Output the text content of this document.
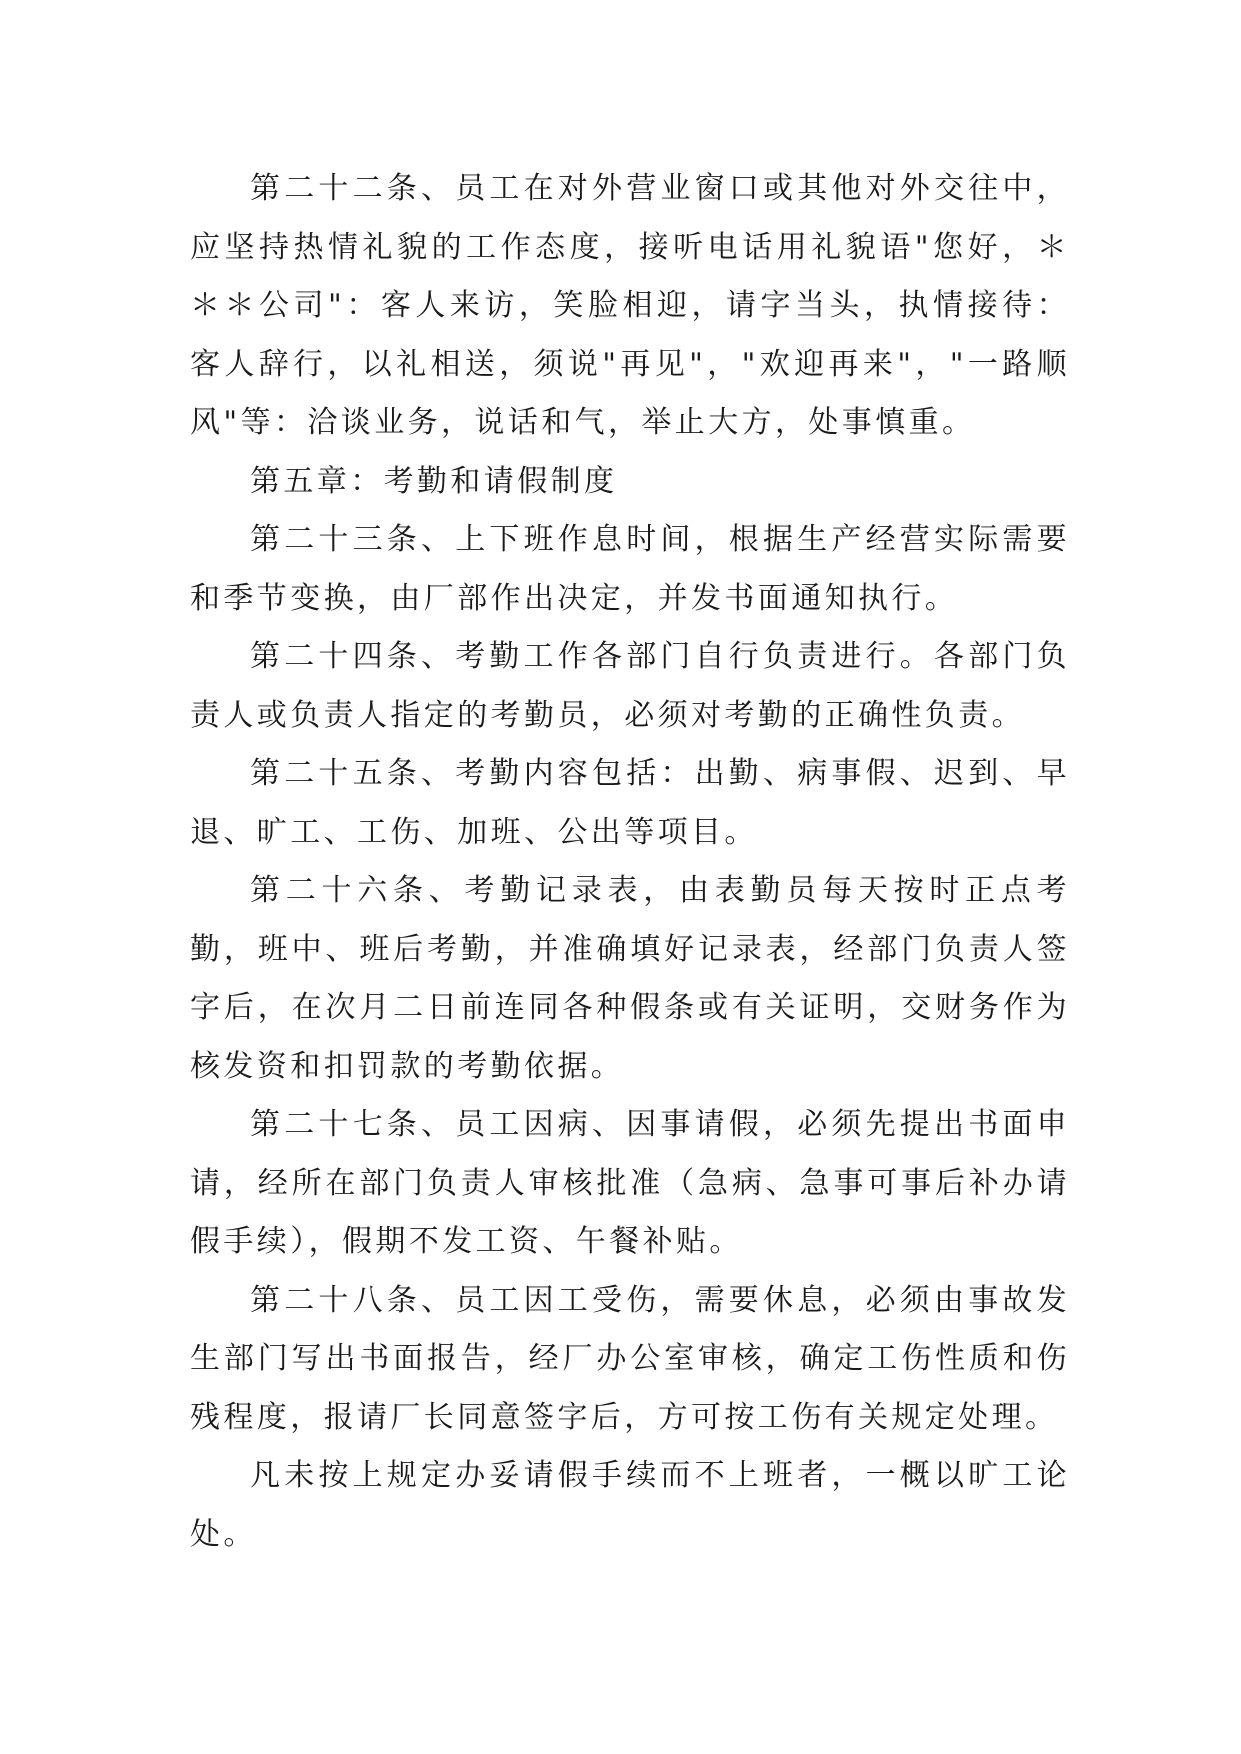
第二十二条、员工在对外营业窗口或其他对外交往中，应坚持热情礼貌的工作态度，接听电话用礼貌语"您好，＊＊＊公司"：客人来访，笑脸相迎，请字当头，执情接待：客人辞行，以礼相送，须说"再见"，"欢迎再来"，"一路顺风"等：洽谈业务，说话和气，举止大方，处事慎重。

第五章：考勤和请假制度

第二十三条、上下班作息时间，根据生产经营实际需要和季节变换，由厂部作出决定，并发书面通知执行。

第二十四条、考勤工作各部门自行负责进行。各部门负责人或负责人指定的考勤员，必须对考勤的正确性负责。

第二十五条、考勤内容包括：出勤、病事假、迟到、早退、旷工、工伤、加班、公出等项目。

第二十六条、考勤记录表，由表勤员每天按时正点考勤，班中、班后考勤，并准确填好记录表，经部门负责人签字后，在次月二日前连同各种假条或有关证明，交财务作为核发资和扣罚款的考勤依据。

第二十七条、员工因病、因事请假，必须先提出书面申请，经所在部门负责人审核批准（急病、急事可事后补办请假手续），假期不发工资、午餐补贴。

第二十八条、员工因工受伤，需要休息，必须由事故发生部门写出书面报告，经厂办公室审核，确定工伤性质和伤残程度，报请厂长同意签字后，方可按工伤有关规定处理。

凡未按上规定办妥请假手续而不上班者，一概以旷工论处。
